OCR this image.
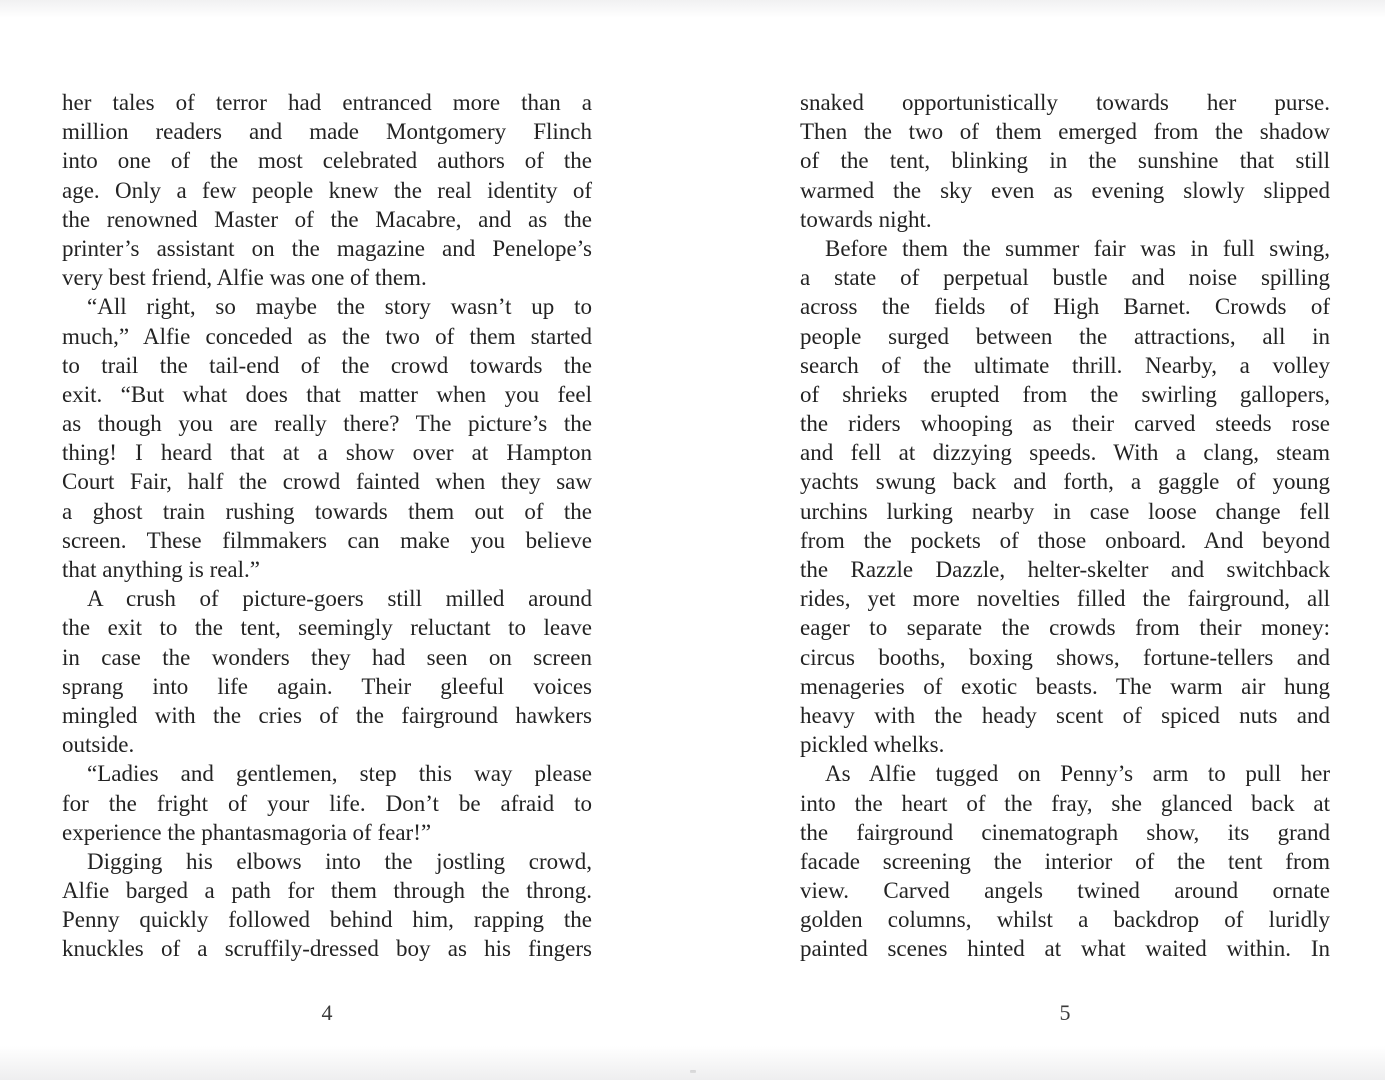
her tales of terror had entranced more than a
million readers and made Montgomery Flinch
into one of the most celebrated authors of the
age. Only a few people knew the real identity of
the renowned Master of the Macabre, and as the
printer’s assistant on the magazine and Penelope’s
very best friend, Alfie was one of them.
“All right, so maybe the story wasn’t up to
much,” Alfie conceded as the two of them started
to trail the tail-end of the crowd towards the
exit. “But what does that matter when you feel
as though you are really there? The picture’s the
thing! I heard that at a show over at Hampton
Court Fair, half the crowd fainted when they saw
a ghost train rushing towards them out of the
screen. These filmmakers can make you believe
that anything is real.”
A crush of picture-goers still milled around
the exit to the tent, seemingly reluctant to leave
in case the wonders they had seen on screen
sprang into life again. Their gleeful voices
mingled with the cries of the fairground hawkers
outside.
“Ladies and gentlemen, step this way please
for the fright of your life. Don’t be afraid to
experience the phantasmagoria of fear!”
Digging his elbows into the jostling crowd,
Alfie barged a path for them through the throng.
Penny quickly followed behind him, rapping the
knuckles of a scruffily-dressed boy as his fingers
4
snaked opportunistically towards her purse.
Then the two of them emerged from the shadow
of the tent, blinking in the sunshine that still
warmed the sky even as evening slowly slipped
towards night.
Before them the summer fair was in full swing,
a state of perpetual bustle and noise spilling
across the fields of High Barnet. Crowds of
people surged between the attractions, all in
search of the ultimate thrill. Nearby, a volley
of shrieks erupted from the swirling gallopers,
the riders whooping as their carved steeds rose
and fell at dizzying speeds. With a clang, steam
yachts swung back and forth, a gaggle of young
urchins lurking nearby in case loose change fell
from the pockets of those onboard. And beyond
the Razzle Dazzle, helter-skelter and switchback
rides, yet more novelties filled the fairground, all
eager to separate the crowds from their money:
circus booths, boxing shows, fortune-tellers and
menageries of exotic beasts. The warm air hung
heavy with the heady scent of spiced nuts and
pickled whelks.
As Alfie tugged on Penny’s arm to pull her
into the heart of the fray, she glanced back at
the fairground cinematograph show, its grand
facade screening the interior of the tent from
view. Carved angels twined around ornate
golden columns, whilst a backdrop of luridly
painted scenes hinted at what waited within. In
5
